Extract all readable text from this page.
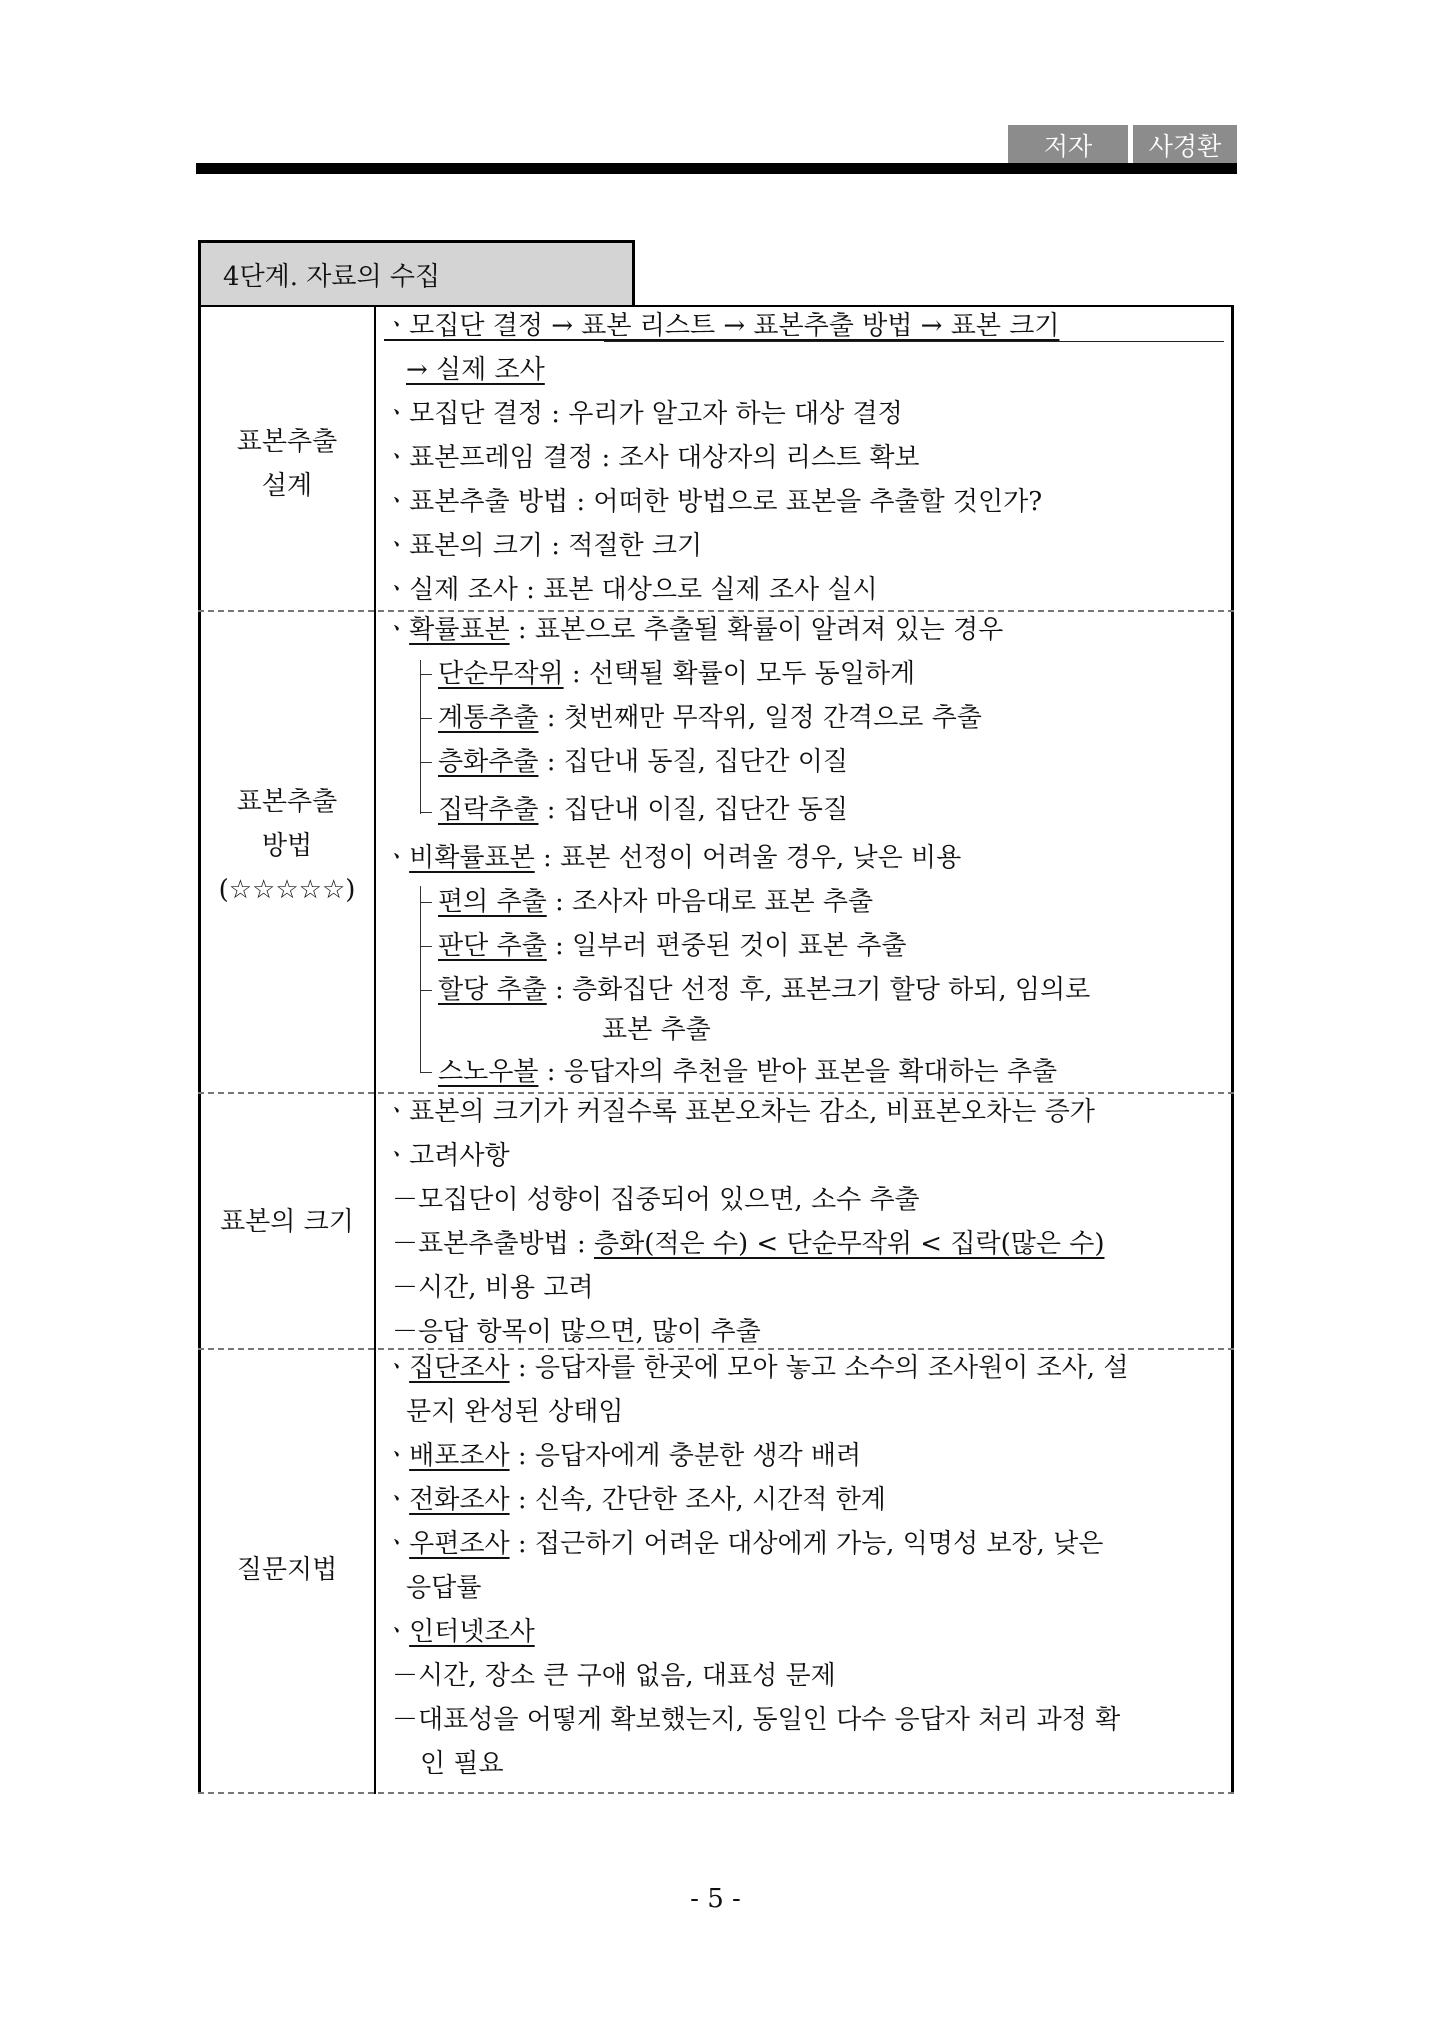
저자	사경환
4단계. 자료의 수집
표본추출
설계
ㆍ모집단 결정 → 표본 리스트 → 표본추출 방법 → 표본 크기
→ 실제 조사
ㆍ모집단 결정 : 우리가 알고자 하는 대상 결정
ㆍ표본프레임 결정 : 조사 대상자의 리스트 확보
ㆍ표본추출 방법 : 어떠한 방법으로 표본을 추출할 것인가?
ㆍ표본의 크기 : 적절한 크기
ㆍ실제 조사 : 표본 대상으로 실제 조사 실시
표본추출
방법
(☆☆☆☆☆)
ㆍ확률표본 : 표본으로 추출될 확률이 알려져 있는 경우
단순무작위 : 선택될 확률이 모두 동일하게
계통추출 : 첫번째만 무작위, 일정 간격으로 추출
층화추출 : 집단내 동질, 집단간 이질
집락추출 : 집단내 이질, 집단간 동질
ㆍ비확률표본 : 표본 선정이 어려울 경우, 낮은 비용
편의 추출 : 조사자 마음대로 표본 추출
판단 추출 : 일부러 편중된 것이 표본 추출
할당 추출 : 층화집단 선정 후, 표본크기 할당 하되, 임의로
표본 추출
스노우볼 : 응답자의 추천을 받아 표본을 확대하는 추출
표본의 크기
ㆍ표본의 크기가 커질수록 표본오차는 감소, 비표본오차는 증가
ㆍ고려사항
－모집단이 성향이 집중되어 있으면, 소수 추출
－표본추출방법 : 층화(적은 수) < 단순무작위 < 집락(많은 수)
－시간, 비용 고려
－응답 항목이 많으면, 많이 추출
질문지법
ㆍ집단조사 : 응답자를 한곳에 모아 놓고 소수의 조사원이 조사, 설
문지 완성된 상태임
ㆍ배포조사 : 응답자에게 충분한 생각 배려
ㆍ전화조사 : 신속, 간단한 조사, 시간적 한계
ㆍ우편조사 : 접근하기 어려운 대상에게 가능, 익명성 보장, 낮은
응답률
ㆍ인터넷조사
－시간, 장소 큰 구애 없음, 대표성 문제
－대표성을 어떻게 확보했는지, 동일인 다수 응답자 처리 과정 확
인 필요
- 5 -
